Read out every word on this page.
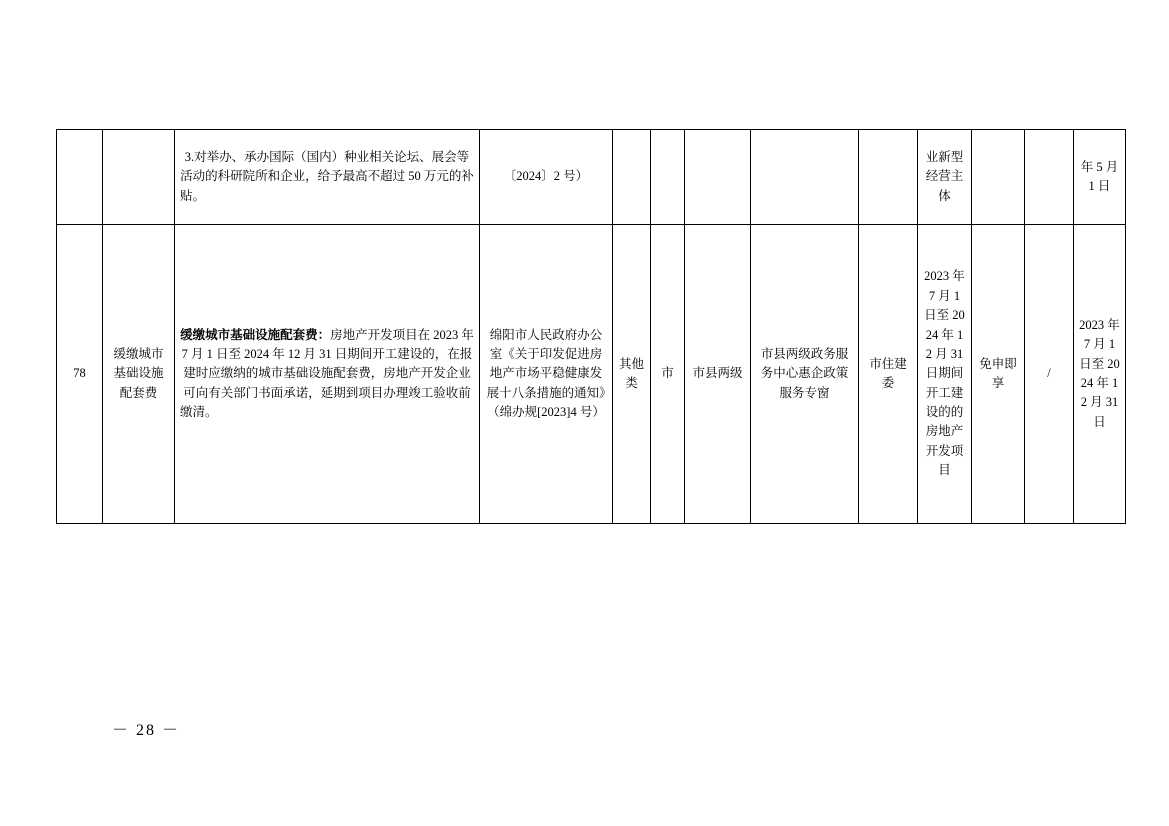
		3.对举办、承办国际（国内）种业相关论坛、展会等活动的科研院所和企业，给予最高不超过 50 万元的补贴。	〔2024〕2 号）						业新型经营主体			年 5 月 1 日
78	缓缴城市基础设施配套费	缓缴城市基础设施配套费：房地产开发项目在 2023 年 7 月 1 日至 2024 年 12 月 31 日期间开工建设的，在报建时应缴纳的城市基础设施配套费，房地产开发企业可向有关部门书面承诺，延期到项目办理竣工验收前缴清。	绵阳市人民政府办公室《关于印发促进房地产市场平稳健康发展十八条措施的通知》（绵办规[2023]4 号）	其他类	市	市县两级	市县两级政务服务中心惠企政策服务专窗	市住建委	2023 年 7 月 1 日至 2024 年 12 月 31 日期间开工建设的的房地产开发项目	免申即享	/	2023 年 7 月 1 日至 2024 年 12 月 31 日
－ 28 －
